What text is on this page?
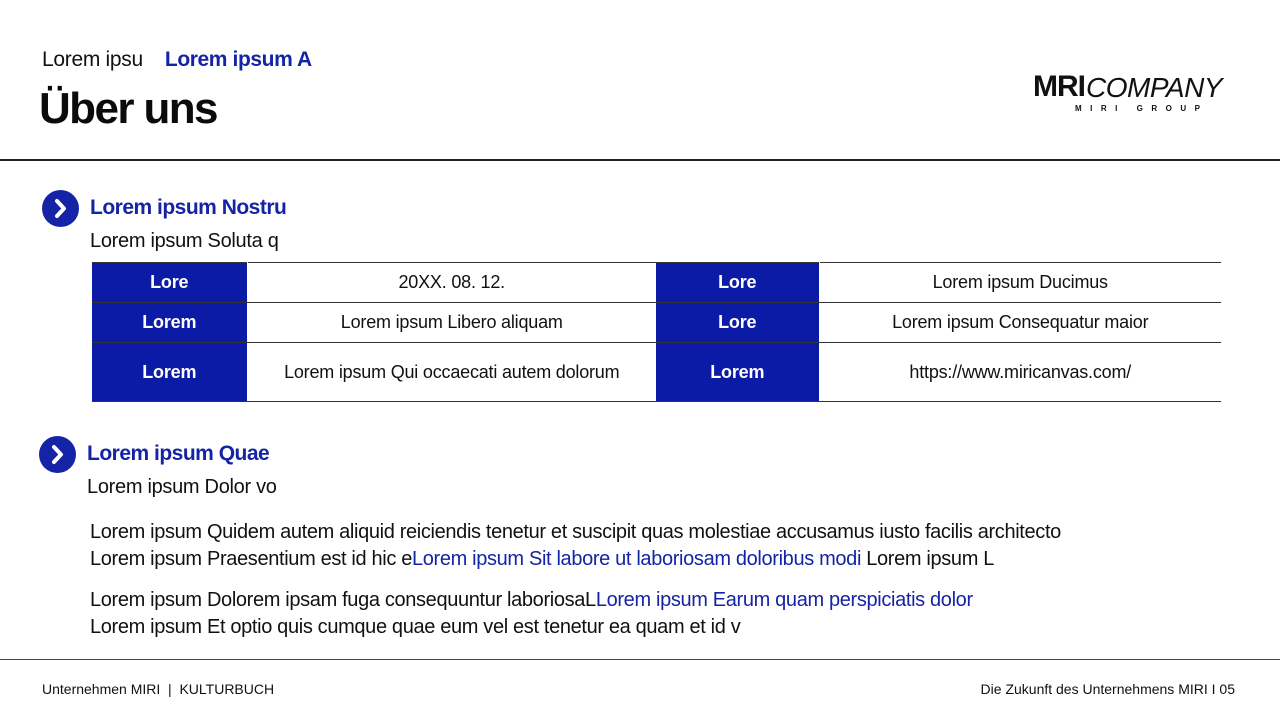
Lorem ipsu Lorem ipsum A
Über uns	MRI COMPANY
MIRI GROUP
Lorem ipsum Nostru
Lorem ipsum Soluta q
Lore	20XX. 08. 12.	Lore	Lorem ipsum Ducimus
Lorem	Lorem ipsum Libero aliquam	Lore	Lorem ipsum Consequatur maior
Lorem	Lorem ipsum Qui occaecati autem dolorum	Lorem	https://www.miricanvas.com/
Lorem ipsum Quae
Lorem ipsum Dolor vo
Lorem ipsum Quidem autem aliquid reiciendis tenetur et suscipit quas molestiae accusamus iusto facilis architecto
Lorem ipsum Praesentium est id hic eLorem ipsum Sit labore ut laboriosam doloribus modi Lorem ipsum L
Lorem ipsum Dolorem ipsam fuga consequuntur laboriosaLLorem ipsum Earum quam perspiciatis dolor
Lorem ipsum Et optio quis cumque quae eum vel est tenetur ea quam et id v
Unternehmen MIRI  |  KULTURBUCH	Die Zukunft des Unternehmens MIRI I 05
